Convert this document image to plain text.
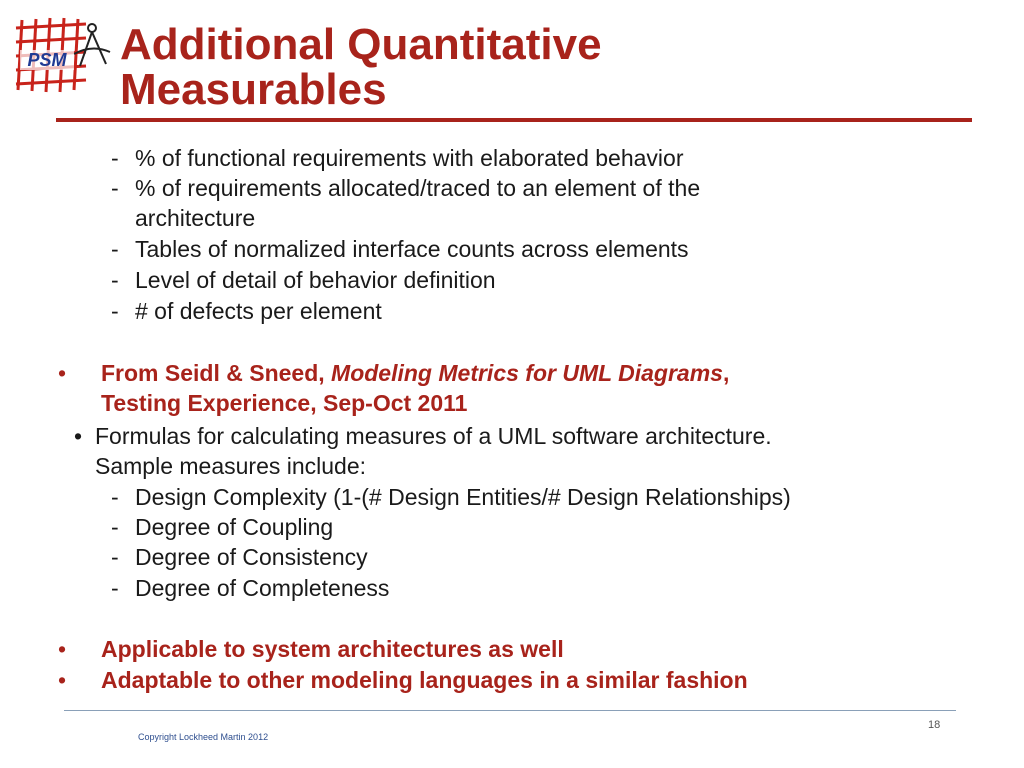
PSM Additional Quantitative
Measurables
- % of functional requirements with elaborated behavior
- % of requirements allocated/traced to an element of the
architecture
- Tables of normalized interface counts across elements
- Level of detail of behavior definition
- # of defects per element
• From Seidl & Sneed, Modeling Metrics for UML Diagrams,
Testing Experience, Sep-Oct 2011
• Formulas for calculating measures of a UML software architecture.
Sample measures include:
- Design Complexity (1-(# Design Entities/# Design Relationships)
- Degree of Coupling
- Degree of Consistency
- Degree of Completeness
• Applicable to system architectures as well
• Adaptable to other modeling languages in a similar fashion
18
Copyright Lockheed Martin 2012
